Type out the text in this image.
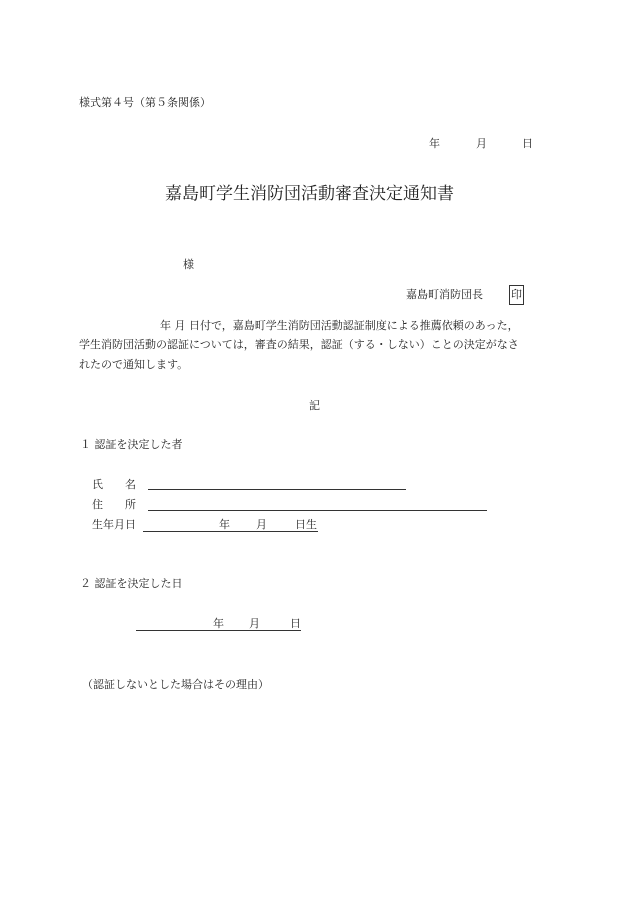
様式第４号（第５条関係）
年	月	日
嘉島町学生消防団活動審査決定通知書
様
嘉島町消防団長	印
年 月 日付で，嘉島町学生消防団活動認証制度による推薦依頼のあった，
学生消防団活動の認証については，審査の結果，認証（する・しない）ことの決定がなさ
れたので通知します。
記
１ 認証を決定した者
氏　　名
住　　所
生年月日	年 月	日生
２ 認証を決定した日
年 月	日
（認証しないとした場合はその理由）
